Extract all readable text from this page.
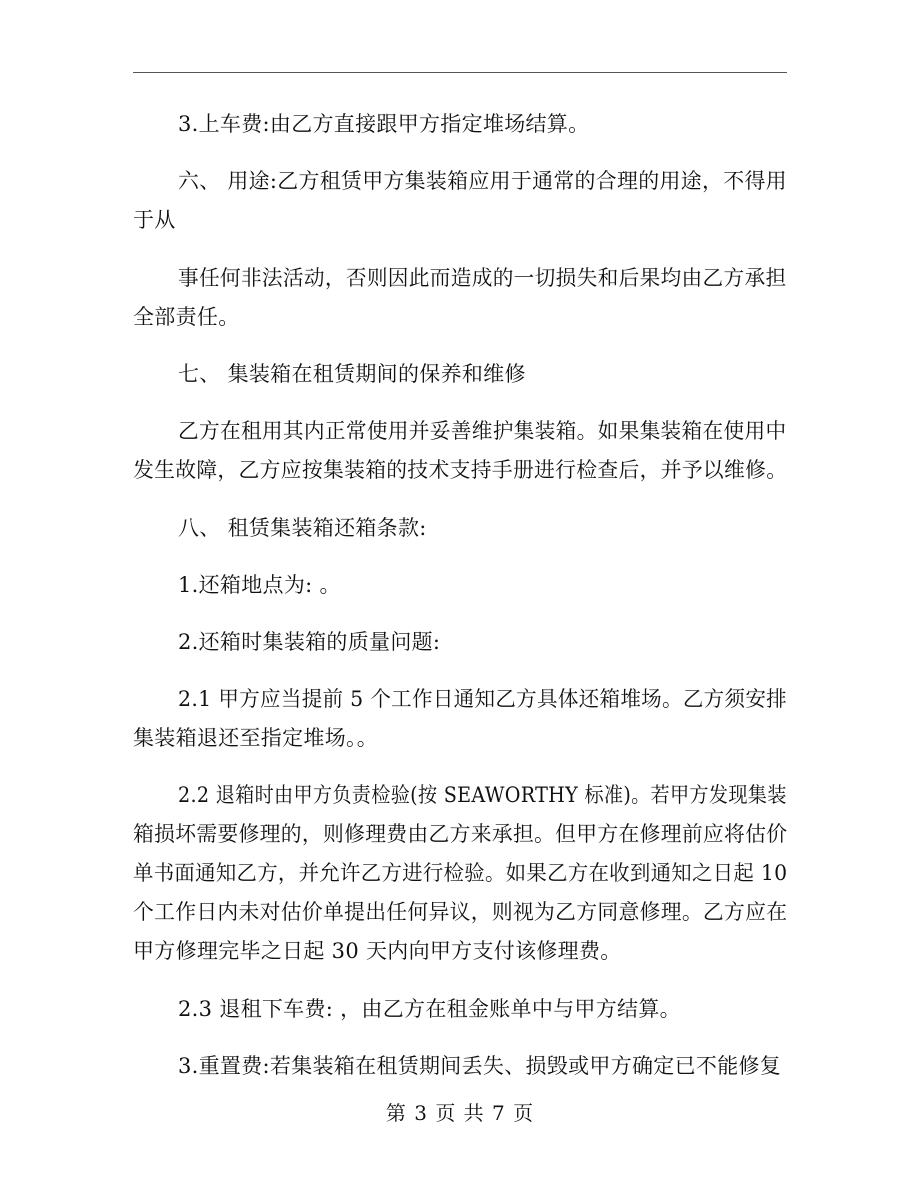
3.上车费:由乙方直接跟甲方指定堆场结算。
六、 用途:乙方租赁甲方集装箱应用于通常的合理的用途，不得用
于从
事任何非法活动，否则因此而造成的一切损失和后果均由乙方承担
全部责任。
七、 集装箱在租赁期间的保养和维修
乙方在租用其内正常使用并妥善维护集装箱。如果集装箱在使用中
发生故障，乙方应按集装箱的技术支持手册进行检查后，并予以维修。
八、 租赁集装箱还箱条款:
1.还箱地点为: 。
2.还箱时集装箱的质量问题:
2.1 甲方应当提前 5 个工作日通知乙方具体还箱堆场。乙方须安排
集装箱退还至指定堆场。。
2.2 退箱时由甲方负责检验(按 SEAWORTHY 标准)。若甲方发现集装
箱损坏需要修理的，则修理费由乙方来承担。但甲方在修理前应将估价
单书面通知乙方，并允许乙方进行检验。如果乙方在收到通知之日起 10
个工作日内未对估价单提出任何异议，则视为乙方同意修理。乙方应在
甲方修理完毕之日起 30 天内向甲方支付该修理费。
2.3 退租下车费: ，由乙方在租金账单中与甲方结算。
3.重置费:若集装箱在租赁期间丢失、损毁或甲方确定已不能修复
第 3 页 共 7 页
